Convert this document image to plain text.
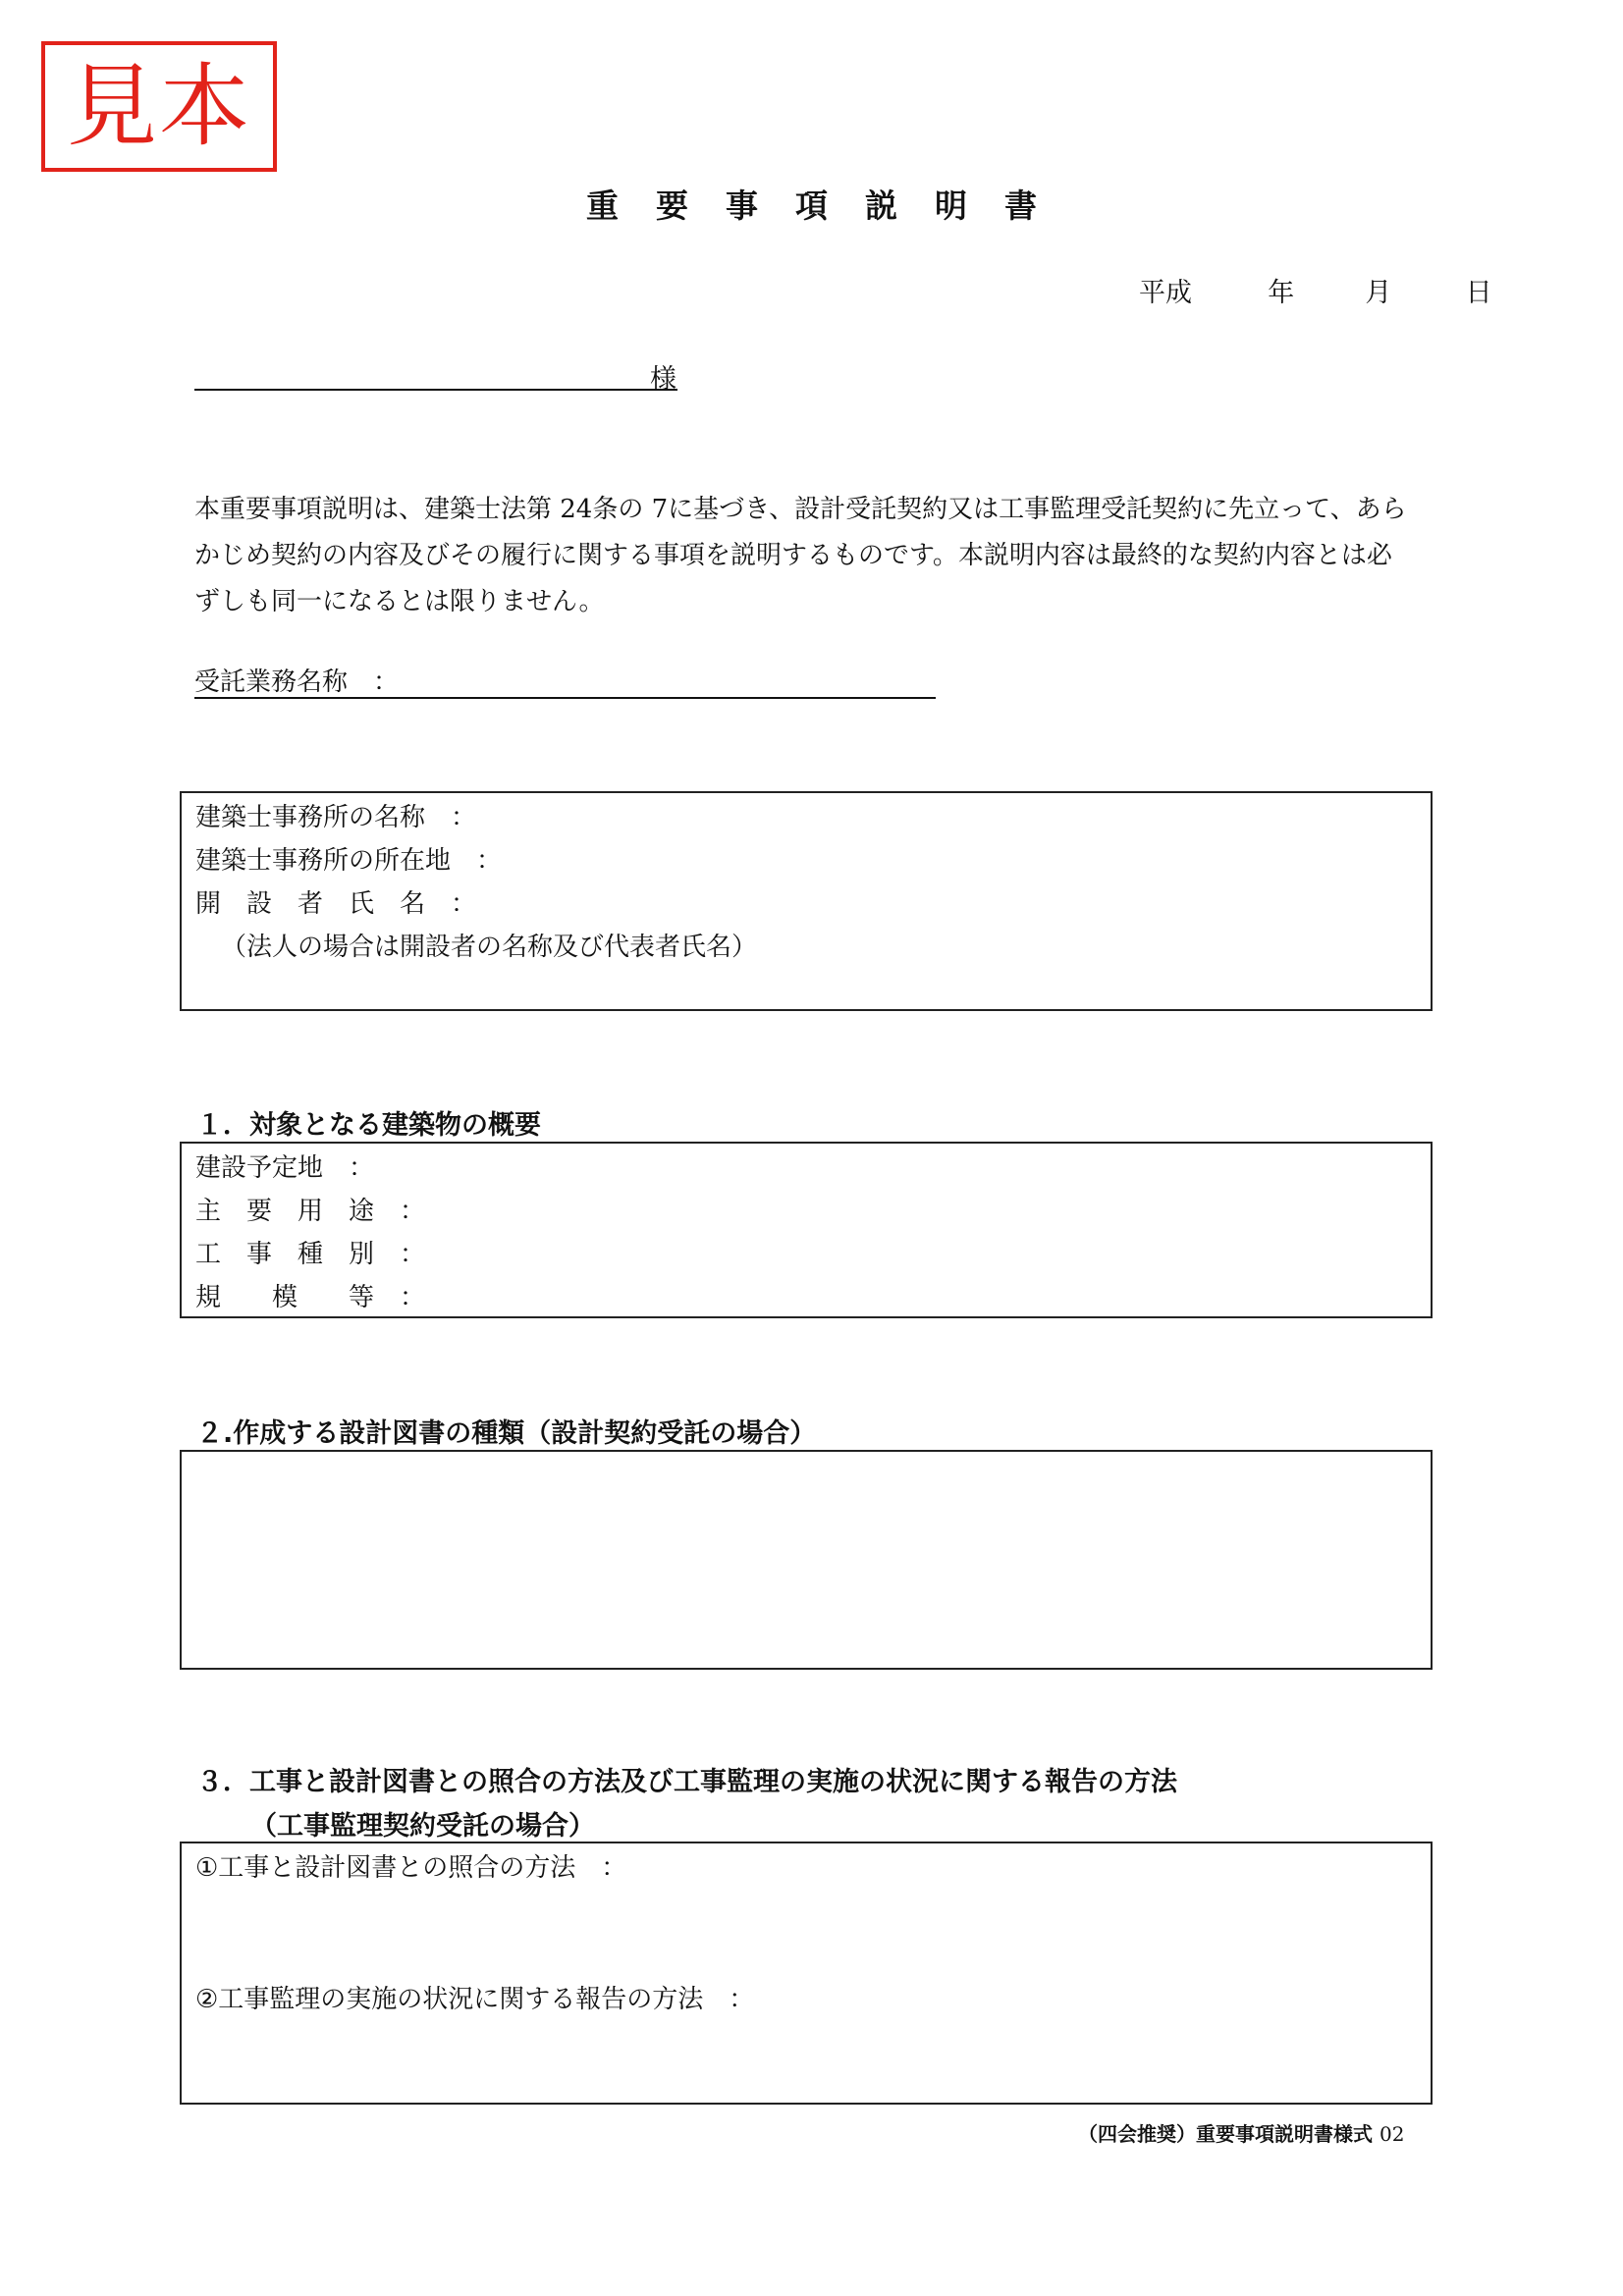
見本
重要事項説明書
平成	年	月	日
様
本重要事項説明は、建築士法第 24条の 7に基づき、設計受託契約又は工事監理受託契約に先立って、あら
かじめ契約の内容及びその履行に関する事項を説明するものです。本説明内容は最終的な契約内容とは必
ずしも同一になるとは限りません。
受託業務名称　：
建築士事務所の名称　：
建築士事務所の所在地　：
開　設　者　氏　名　：
（法人の場合は開設者の名称及び代表者氏名）
１．対象となる建築物の概要
建設予定地　：
主　要　用　途　：
工　事　種　別　：
規　　模　　等　：
２.作成する設計図書の種類（設計契約受託の場合）
３．工事と設計図書との照合の方法及び工事監理の実施の状況に関する報告の方法
（工事監理契約受託の場合）
①工事と設計図書との照合の方法　：
②工事監理の実施の状況に関する報告の方法　：
（四会推奨）重要事項説明書様式 02
